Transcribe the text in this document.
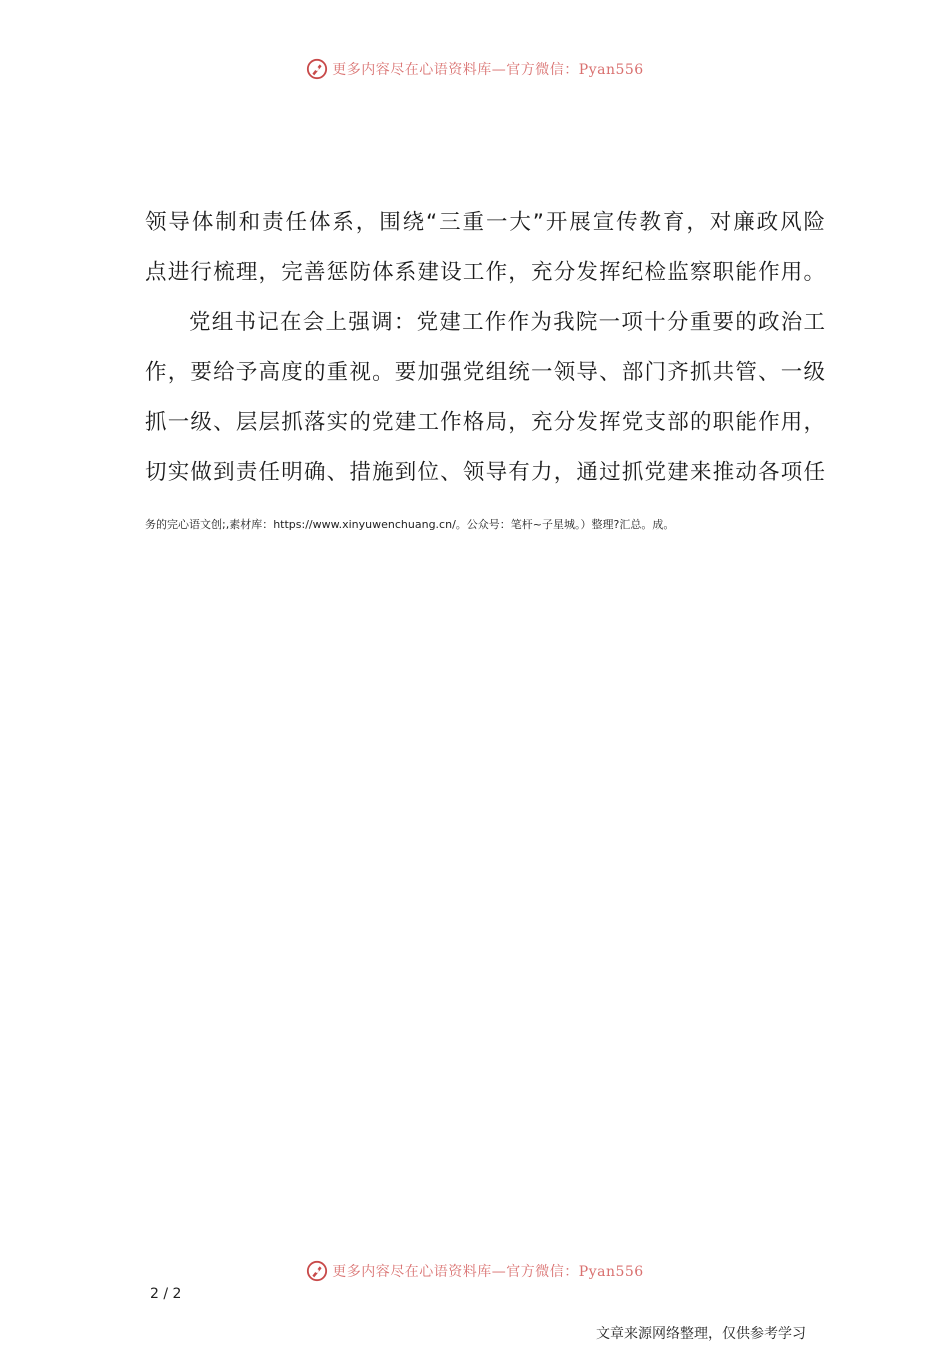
更多内容尽在心语资料库—官方微信：Pyan556

领导体制和责任体系，围绕“三重一大”开展宣传教育，对廉政风险
点进行梳理，完善惩防体系建设工作，充分发挥纪检监察职能作用。

党组书记在会上强调：党建工作作为我院一项十分重要的政治工
作，要给予高度的重视。要加强党组统一领导、部门齐抓共管、一级
抓一级、层层抓落实的党建工作格局，充分发挥党支部的职能作用，
切实做到责任明确、措施到位、领导有力，通过抓党建来推动各项任

务的完心语文创;,素材库：https://www.xinyuwenchuang.cn/。公众号：笔杆~子星城。）整理?汇总。成。
更多内容尽在心语资料库—官方微信：Pyan556
2 / 2
文章来源网络整理，仅供参考学习
